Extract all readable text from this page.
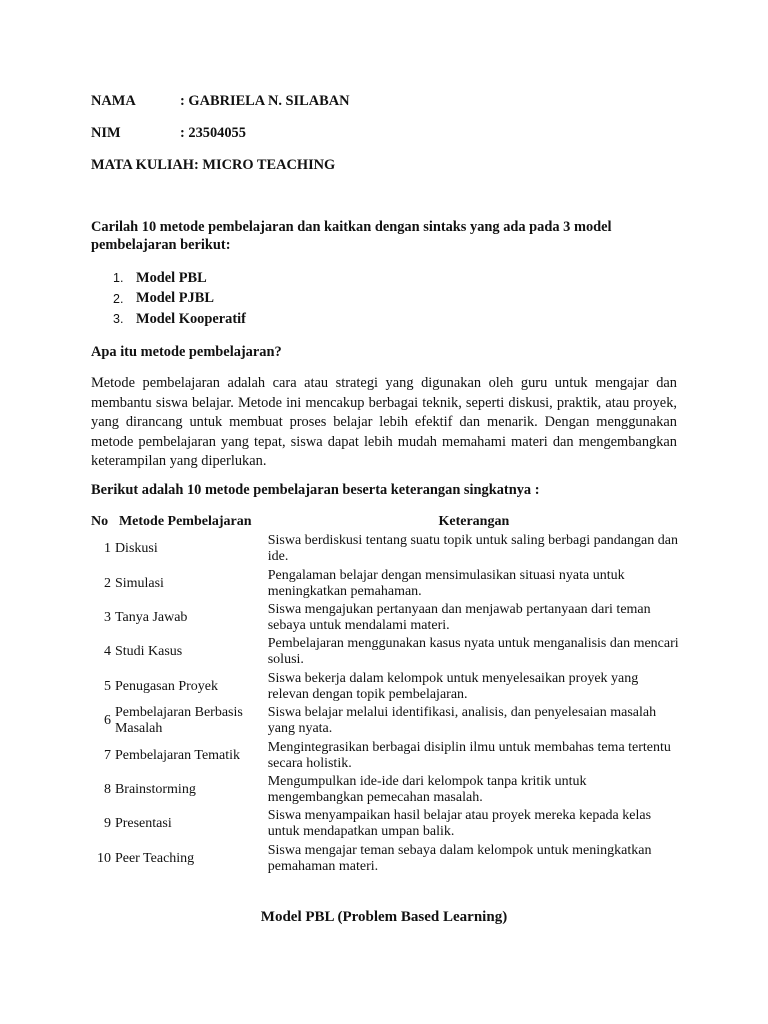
NAMA	: GABRIELA N. SILABAN
NIM	: 23504055
MATA KULIAH: MICRO TEACHING
Carilah 10 metode pembelajaran dan kaitkan dengan sintaks yang ada pada 3 model pembelajaran berikut:
1. Model PBL
2. Model PJBL
3. Model Kooperatif
Apa itu metode pembelajaran?
Metode pembelajaran adalah cara atau strategi yang digunakan oleh guru untuk mengajar dan membantu siswa belajar. Metode ini mencakup berbagai teknik, seperti diskusi, praktik, atau proyek, yang dirancang untuk membuat proses belajar lebih efektif dan menarik. Dengan menggunakan metode pembelajaran yang tepat, siswa dapat lebih mudah memahami materi dan mengembangkan keterampilan yang diperlukan.
Berikut adalah 10 metode pembelajaran beserta keterangan singkatnya :
No	Metode Pembelajaran	Keterangan
1	Diskusi	Siswa berdiskusi tentang suatu topik untuk saling berbagi pandangan dan ide.
2	Simulasi	Pengalaman belajar dengan mensimulasikan situasi nyata untuk meningkatkan pemahaman.
3	Tanya Jawab	Siswa mengajukan pertanyaan dan menjawab pertanyaan dari teman sebaya untuk mendalami materi.
4	Studi Kasus	Pembelajaran menggunakan kasus nyata untuk menganalisis dan mencari solusi.
5	Penugasan Proyek	Siswa bekerja dalam kelompok untuk menyelesaikan proyek yang relevan dengan topik pembelajaran.
6	Pembelajaran Berbasis Masalah	Siswa belajar melalui identifikasi, analisis, dan penyelesaian masalah yang nyata.
7	Pembelajaran Tematik	Mengintegrasikan berbagai disiplin ilmu untuk membahas tema tertentu secara holistik.
8	Brainstorming	Mengumpulkan ide-ide dari kelompok tanpa kritik untuk mengembangkan pemecahan masalah.
9	Presentasi	Siswa menyampaikan hasil belajar atau proyek mereka kepada kelas untuk mendapatkan umpan balik.
10	Peer Teaching	Siswa mengajar teman sebaya dalam kelompok untuk meningkatkan pemahaman materi.
Model PBL (Problem Based Learning)
